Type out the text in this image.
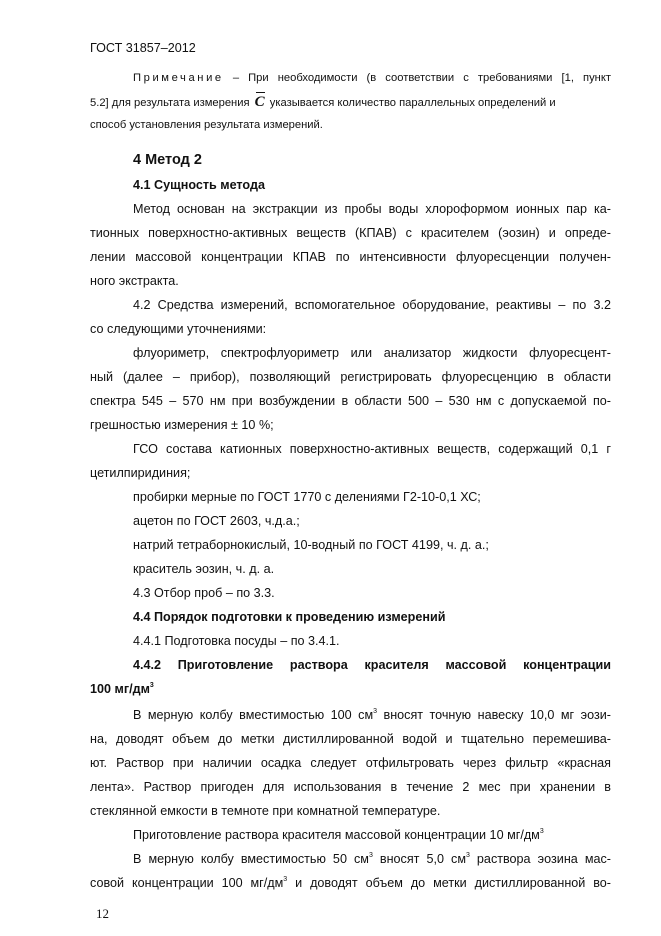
ГОСТ 31857–2012
Примечание – При необходимости (в соответствии с требованиями [1, пункт
5.2] для результата измерения C указывается количество параллельных определений и
способ установления результата измерений.
4 Метод 2
4.1 Сущность метода
Метод основан на экстракции из пробы воды хлороформом ионных пар ка-
тионных поверхностно-активных веществ (КПАВ) с красителем (эозин) и опреде-
лении массовой концентрации КПАВ по интенсивности флуоресценции получен-
ного экстракта.
4.2 Средства измерений, вспомогательное оборудование, реактивы – по 3.2
со следующими уточнениями:
флуориметр, спектрофлуориметр или анализатор жидкости флуоресцент-
ный (далее – прибор), позволяющий регистрировать флуоресценцию в области
спектра 545 – 570 нм при возбуждении в области 500 – 530 нм с допускаемой по-
грешностью измерения ± 10 %;
ГСО состава катионных поверхностно-активных веществ, содержащий 0,1 г
цетилпиридиния;
пробирки мерные по ГОСТ 1770 с делениями Г2-10-0,1 ХС;
ацетон по ГОСТ 2603, ч.д.а.;
натрий тетраборнокислый, 10-водный по ГОСТ 4199, ч. д. а.;
краситель эозин, ч. д. а.
4.3 Отбор проб – по 3.3.
4.4 Порядок подготовки к проведению измерений
4.4.1 Подготовка посуды – по 3.4.1.
4.4.2 Приготовление раствора красителя массовой концентрации
100 $мг/дм^3$
В мерную колбу вместимостью 100 $см^3$ вносят точную навеску 10,0 мг эози-
на, доводят объем до метки дистиллированной водой и тщательно перемешива-
ют. Раствор при наличии осадка следует отфильтровать через фильтр «красная
лента». Раствор пригоден для использования в течение 2 мес при хранении в
стеклянной емкости в темноте при комнатной температуре.
Приготовление раствора красителя массовой концентрации 10 $мг/дм^3$
В мерную колбу вместимостью 50 $см^3$ вносят 5,0 $см^3$ раствора эозина мас-
совой концентрации 100 $мг/дм^3$ и доводят объем до метки дистиллированной во-
12
